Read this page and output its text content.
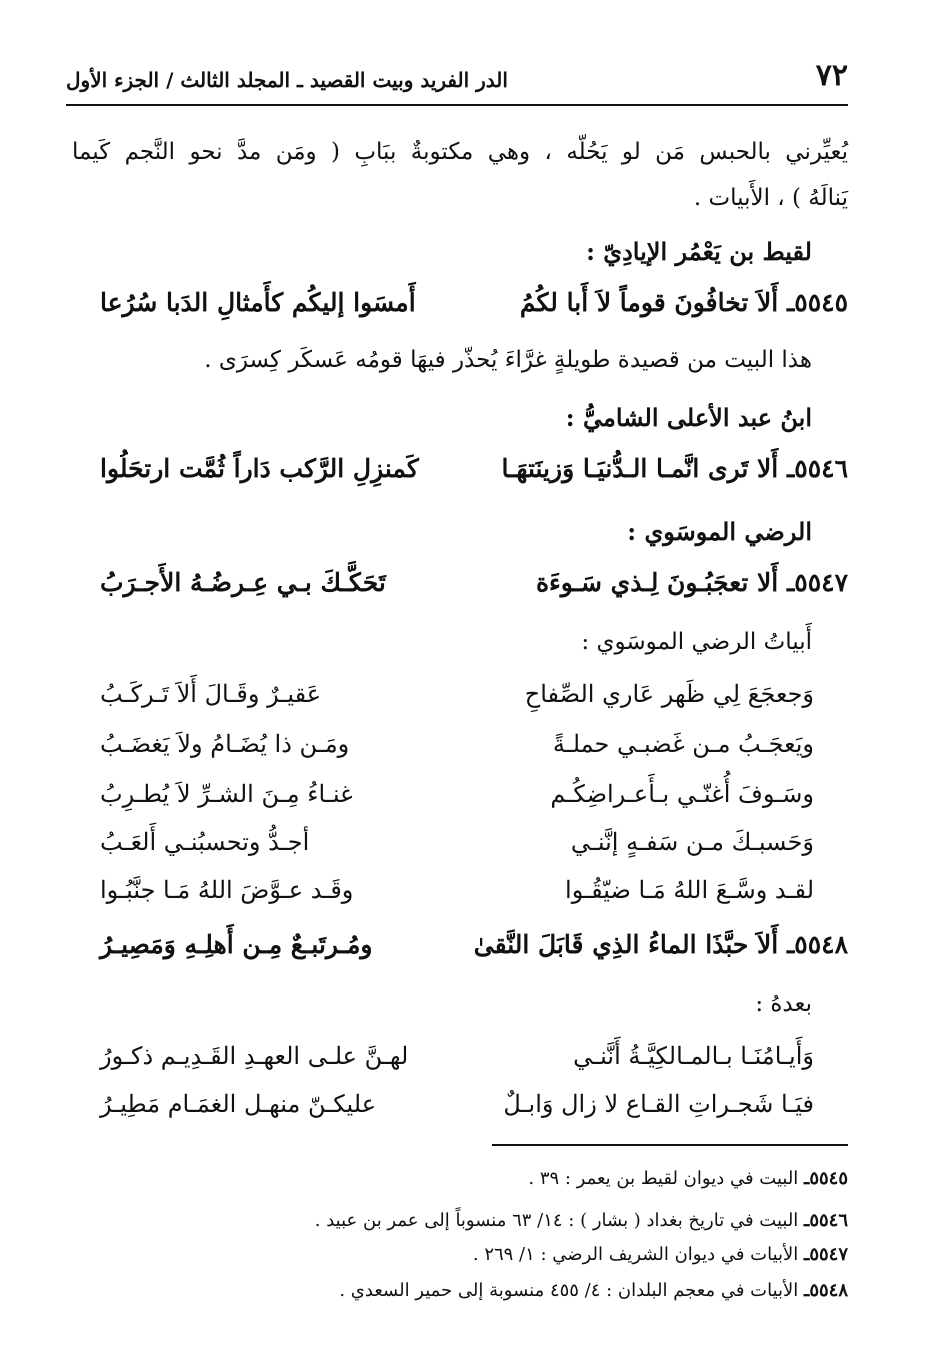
٧٢
الدر الفريد وبيت القصيد ـ المجلد الثالث / الجزء الأول
يُعيِّرني بالحبس مَن لو يَحُلّه ، وهي مكتوبةٌ ببَابِ ( ومَن مدَّ نحو النَّجم كَيما
يَنالَهُ ) ، الأَبيات .
لقيط بن يَعْمُر الإيادِيّ :
٥٥٤٥ـ أَلاَ تخافُونَ قوماً لاَ أَبا لكُمُ
أَمسَوا إليكُم كأَمثالِ الدَبا سُرُعا
هذا البيت من قصيدة طويلةٍ غرَّاءَ يُحذّر فيهَا قومُه عَسكَر كِسرَى .
ابنُ عبد الأعلى الشاميُّ :
٥٥٤٦ـ أَلا تَرى انَّمـا الـدُّنيَـا وَزينَتهَـا
كَمنزِلِ الرَّكب دَاراً ثُمَّت ارتحَلُوا
الرضي الموسَوي :
٥٥٤٧ـ أَلا تعجَبُـونَ لِـذي سَـوءَة
تَحَكَّـكَ بـي عِـرضُـهُ الأَجـرَبُ
أَبياتُ الرضي الموسَوي :
وَجعجَعَ لِي ظَهر عَاري الصِّفاحِ
عَقيـرٌ وقَـالَ أَلاَ تَـركَـبُ
ويَعجَـبُ مـن غَضبـي حملـةً
ومَـن ذا يُضَـامُ ولاَ يَغضَـبُ
وسَـوفَ أُغنّـي بـأَعـراضِكُـم
غنـاءُ مِـنَ الشـرِّ لاَ يُطـرِبُ
وَحَسبـكَ مـن سَفـهٍ إنَّنـي
أجـدُّ وتحسبُنـي أَلعَـبُ
لقـد وسَّـعَ اللهُ مَـا ضيّقُـوا
وقَـد عـوَّضَ اللهُ مَـا جنَّبُـوا
٥٥٤٨ـ أَلاَ حبَّذَا الماءُ الذِي قَابَلَ النَّقىٰ
ومُـرتَبـعٌ مِـن أَهلِـهِ وَمَصِيـرُ
بعدهُ :
وَأَيـامُنَـا بـالمـالكِيَّـةُ أَنَّنـي
لهـنَّ علـى العهـدِ القَـدِيـم ذكـورُ
فيَـا شَجـراتِ القـاع لا زال وَابـلٌ
عليكـنّ منهـل الغمَـام مَطِيـرُ
٥٥٤٥ـ البيت في ديوان لقيط بن يعمر : ٣٩ .
٥٥٤٦ـ البيت في تاريخ بغداد ( بشار ) : ١٤/ ٦٣ منسوباً إلى عمر بن عبيد .
٥٥٤٧ـ الأبيات في ديوان الشريف الرضي : ١/ ٢٦٩ .
٥٥٤٨ـ الأبيات في معجم البلدان : ٤/ ٤٥٥ منسوبة إلى حمير السعدي .
